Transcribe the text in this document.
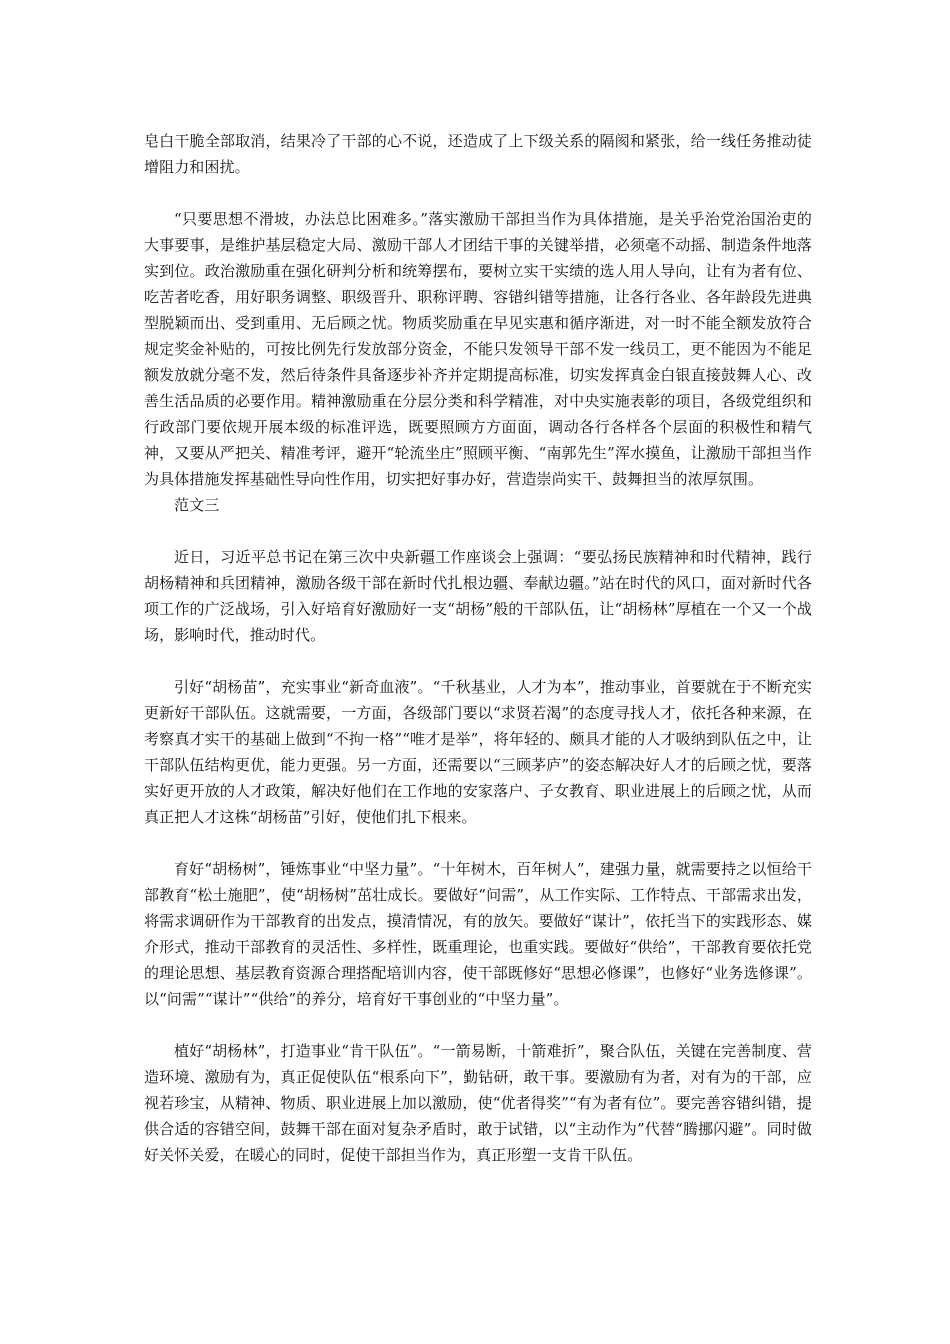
皂白干脆全部取消，结果冷了干部的心不说，还造成了上下级关系的隔阂和紧张，给一线任务推动徒增阻力和困扰。

“只要思想不滑坡，办法总比困难多。”落实激励干部担当作为具体措施，是关乎治党治国治吏的大事要事，是维护基层稳定大局、激励干部人才团结干事的关键举措，必须毫不动摇、制造条件地落实到位。政治激励重在强化研判分析和统筹摆布，要树立实干实绩的选人用人导向，让有为者有位、吃苦者吃香，用好职务调整、职级晋升、职称评聘、容错纠错等措施，让各行各业、各年龄段先进典型脱颖而出、受到重用、无后顾之忧。物质奖励重在早见实惠和循序渐进，对一时不能全额发放符合规定奖金补贴的，可按比例先行发放部分资金，不能只发领导干部不发一线员工，更不能因为不能足额发放就分毫不发，然后待条件具备逐步补齐并定期提高标准，切实发挥真金白银直接鼓舞人心、改善生活品质的必要作用。精神激励重在分层分类和科学精准，对中央实施表彰的项目，各级党组织和行政部门要依规开展本级的标准评选，既要照顾方方面面，调动各行各样各个层面的积极性和精气神，又要从严把关、精准考评，避开“轮流坐庄”照顾平衡、“南郭先生”浑水摸鱼，让激励干部担当作为具体措施发挥基础性导向性作用，切实把好事办好，营造崇尚实干、鼓舞担当的浓厚氛围。

范文三

近日，习近平总书记在第三次中央新疆工作座谈会上强调：“要弘扬民族精神和时代精神，践行胡杨精神和兵团精神，激励各级干部在新时代扎根边疆、奉献边疆。”站在时代的风口，面对新时代各项工作的广泛战场，引入好培育好激励好一支“胡杨”般的干部队伍，让“胡杨林”厚植在一个又一个战场，影响时代，推动时代。

引好“胡杨苗”，充实事业“新奇血液”。“千秋基业，人才为本”，推动事业，首要就在于不断充实更新好干部队伍。这就需要，一方面，各级部门要以“求贤若渴”的态度寻找人才，依托各种来源，在考察真才实干的基础上做到“不拘一格”“唯才是举”，将年轻的、颇具才能的人才吸纳到队伍之中，让干部队伍结构更优，能力更强。另一方面，还需要以“三顾茅庐”的姿态解决好人才的后顾之忧，要落实好更开放的人才政策，解决好他们在工作地的安家落户、子女教育、职业进展上的后顾之忧，从而真正把人才这株“胡杨苗”引好，使他们扎下根来。

育好“胡杨树”，锤炼事业“中坚力量”。“十年树木，百年树人”，建强力量，就需要持之以恒给干部教育“松土施肥”，使“胡杨树”茁壮成长。要做好“问需”，从工作实际、工作特点、干部需求出发，将需求调研作为干部教育的出发点，摸清情况，有的放矢。要做好“谋计”，依托当下的实践形态、媒介形式，推动干部教育的灵活性、多样性，既重理论，也重实践。要做好“供给”，干部教育要依托党的理论思想、基层教育资源合理搭配培训内容，使干部既修好“思想必修课”，也修好“业务选修课”。以“问需”“谋计”“供给”的养分，培育好干事创业的“中坚力量”。

植好“胡杨林”，打造事业“肯干队伍”。“一箭易断，十箭难折”，聚合队伍，关键在完善制度、营造环境、激励有为，真正促使队伍“根系向下”，勤钻研，敢干事。要激励有为者，对有为的干部，应视若珍宝，从精神、物质、职业进展上加以激励，使“优者得奖”“有为者有位”。要完善容错纠错，提供合适的容错空间，鼓舞干部在面对复杂矛盾时，敢于试错，以“主动作为”代替“腾挪闪避”。同时做好关怀关爱，在暖心的同时，促使干部担当作为，真正形塑一支肯干队伍。
